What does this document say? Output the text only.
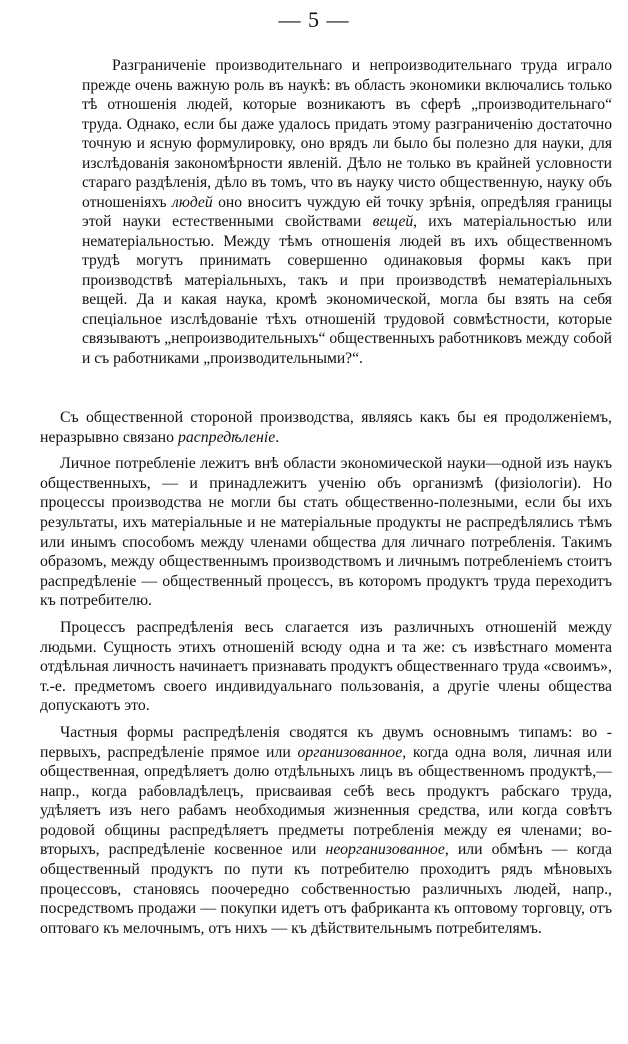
— 5 —

Разграниченіе производительнаго и непроизводительнаго труда играло прежде очень важную роль въ наукѣ: въ область экономики включались только тѣ отношенія людей, которые возникаютъ въ сферѣ „производительнаго“ труда. Однако, если бы даже удалось придать этому разграниченію достаточно точную и ясную формулировку, оно врядъ ли было бы полезно для науки, для изслѣдованія закономѣрности явленій. Дѣло не только въ крайней условности стараго раздѣленія, дѣло въ томъ, что въ науку чисто общественную, науку объ отношеніяхъ людей оно вноситъ чуждую ей точку зрѣнія, опредѣляя границы этой науки естественными свойствами вещей, ихъ матеріальностью или нематеріальностью. Между тѣмъ отношенія людей въ ихъ общественномъ трудѣ могутъ принимать совершенно одинаковыя формы какъ при производствѣ матеріальныхъ, такъ и при производствѣ нематеріальныхъ вещей. Да и какая наука, кромѣ экономической, могла бы взять на себя спеціальное изслѣдованіе тѣхъ отношеній трудовой совмѣстности, которые связываютъ „непроизводительныхъ“ общественныхъ работниковъ между собой и съ работниками „производительными?“.

Съ общественной стороной производства, являясь какъ бы ея продолженіемъ, неразрывно связано распредѣленіе.

Личное потребленіе лежитъ внѣ области экономической науки—одной изъ наукъ общественныхъ, — и принадлежитъ ученію объ организмѣ (физіологіи). Но процессы производства не могли бы стать общественно-полезными, если бы ихъ результаты, ихъ матеріальные и не матеріальные продукты не распредѣлялись тѣмъ или инымъ способомъ между членами общества для личнаго потребленія. Такимъ образомъ, между общественнымъ производствомъ и личнымъ потребленіемъ стоитъ распредѣленіе — общественный процессъ, въ которомъ продуктъ труда переходитъ къ потребителю.

Процессъ распредѣленія весь слагается изъ различныхъ отношеній между людьми. Сущность этихъ отношеній всюду одна и та же: съ извѣстнаго момента отдѣльная личность начинаетъ признавать продуктъ общественнаго труда «своимъ», т.-е. предметомъ своего индивидуальнаго пользованія, а другіе члены общества допускаютъ это.

Частныя формы распредѣленія сводятся къ двумъ основнымъ типамъ: во - первыхъ, распредѣленіе прямое или организованное, когда одна воля, личная или общественная, опредѣляетъ долю отдѣльныхъ лицъ въ общественномъ продуктѣ,—напр., когда рабовладѣлецъ, присваивая себѣ весь продуктъ рабскаго труда, удѣляетъ изъ него рабамъ необходимыя жизненныя средства, или когда совѣтъ родовой общины распредѣляетъ предметы потребленія между ея членами; во-вторыхъ, распредѣленіе косвенное или неорганизованное, или обмѣнъ — когда общественный продуктъ по пути къ потребителю проходитъ рядъ мѣновыхъ процессовъ, становясь поочередно собственностью различныхъ людей, напр., посредствомъ продажи — покупки идетъ отъ фабриканта къ оптовому торговцу, отъ оптоваго къ мелочнымъ, отъ нихъ — къ дѣйствительнымъ потребителямъ.
